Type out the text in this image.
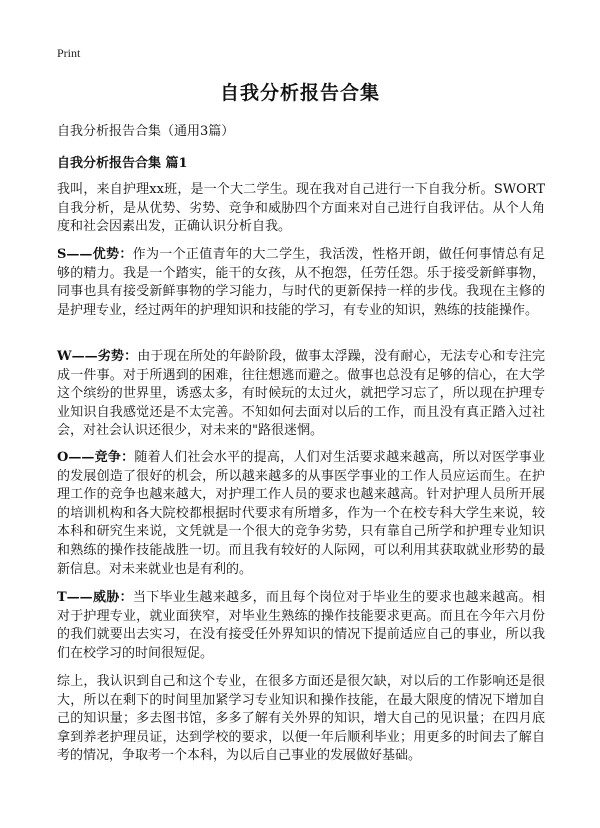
Print
自我分析报告合集
自我分析报告合集（通用3篇）
自我分析报告合集 篇1

我叫，来自护理xx班，是一个大二学生。现在我对自己进行一下自我分析。SWORT自我分析，是从优势、劣势、竞争和威胁四个方面来对自己进行自我评估。从个人角度和社会因素出发，正确认识分析自我。

S——优势：作为一个正值青年的大二学生，我活泼，性格开朗，做任何事情总有足够的精力。我是一个踏实，能干的女孩，从不抱怨，任劳任怨。乐于接受新鲜事物，同事也具有接受新鲜事物的学习能力，与时代的更新保持一样的步伐。我现在主修的是护理专业，经过两年的护理知识和技能的学习，有专业的知识，熟练的技能操作。

W——劣势：由于现在所处的年龄阶段，做事太浮躁，没有耐心，无法专心和专注完成一件事。对于所遇到的困难，往往想逃而避之。做事也总没有足够的信心，在大学这个缤纷的世界里，诱惑太多，有时候玩的太过火，就把学习忘了，所以现在护理专业知识自我感觉还是不太完善。不知如何去面对以后的工作，而且没有真正踏入过社会，对社会认识还很少，对未来的"路很迷惘。

O——竞争：随着人们社会水平的提高，人们对生活要求越来越高，所以对医学事业的发展创造了很好的机会，所以越来越多的从事医学事业的工作人员应运而生。在护理工作的竞争也越来越大，对护理工作人员的要求也越来越高。针对护理人员所开展的培训机构和各大院校都根据时代要求有所增多，作为一个在校专科大学生来说，较本科和研究生来说，文凭就是一个很大的竞争劣势，只有靠自己所学和护理专业知识和熟练的操作技能战胜一切。而且我有较好的人际网，可以利用其获取就业形势的最新信息。对未来就业也是有利的。

T——威胁：当下毕业生越来越多，而且每个岗位对于毕业生的要求也越来越高。相对于护理专业，就业面狭窄，对毕业生熟练的操作技能要求更高。而且在今年六月份的我们就要出去实习，在没有接受任外界知识的情况下提前适应自己的事业，所以我们在校学习的时间很短促。

综上，我认识到自己和这个专业，在很多方面还是很欠缺，对以后的工作影响还是很大，所以在剩下的时间里加紧学习专业知识和操作技能，在最大限度的情况下增加自己的知识量；多去图书馆，多多了解有关外界的知识，增大自己的见识量；在四月底拿到养老护理员证，达到学校的要求，以便一年后顺利毕业；用更多的时间去了解自考的情况，争取考一个本科，为以后自己事业的发展做好基础。
